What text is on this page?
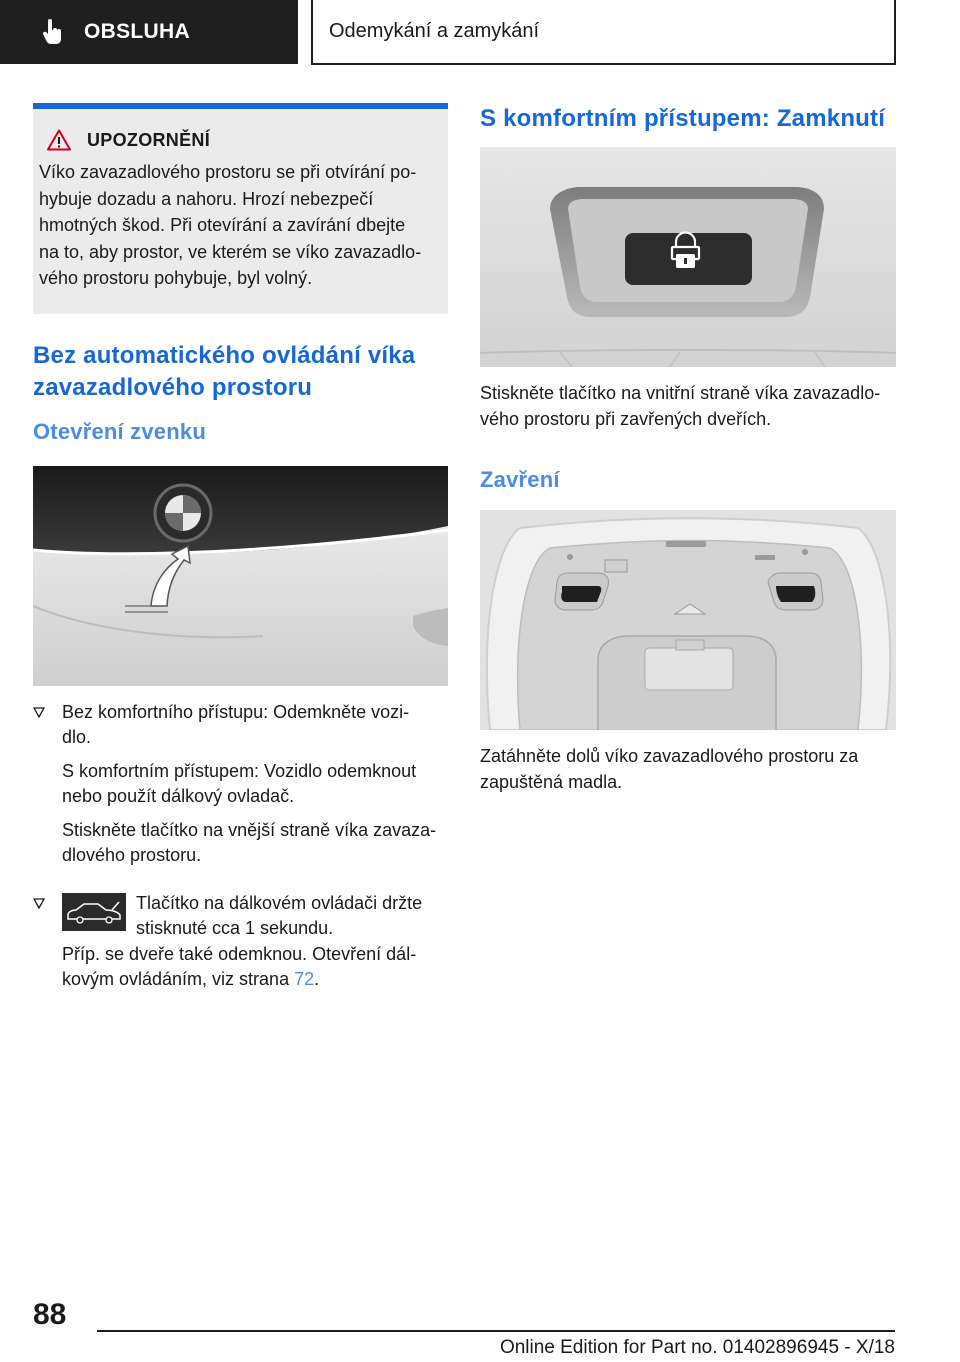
OBSLUHA	Odemykání a zamykání
UPOZORNĚNÍ

Víko zavazadlového prostoru se při otvírání po-
hybuje dozadu a nahoru. Hrozí nebezpečí
hmotných škod. Při otevírání a zavírání dbejte
na to, aby prostor, ve kterém se víko zavazadlo-
vého prostoru pohybuje, byl volný.

Bez automatického ovládání víka
zavazadlového prostoru
Otevření zvenku

Bez komfortního přístupu: Odemkněte vozi-
dlo.

S komfortním přístupem: Vozidlo odemknout
nebo použít dálkový ovladač.

Stiskněte tlačítko na vnější straně víka zavaza-
dlového prostoru.

Tlačítko na dálkovém ovládači držte
stisknuté cca 1 sekundu.

Příp. se dveře také odemknou. Otevření dál-
kovým ovládáním, viz strana 72.

S komfortním přístupem: Zamknutí

Stiskněte tlačítko na vnitřní straně víka zavazadlo-
vého prostoru při zavřených dveřích.

Zavření

Zatáhněte dolů víko zavazadlového prostoru za
zapuštěná madla.

88
Online Edition for Part no. 01402896945 - X/18
